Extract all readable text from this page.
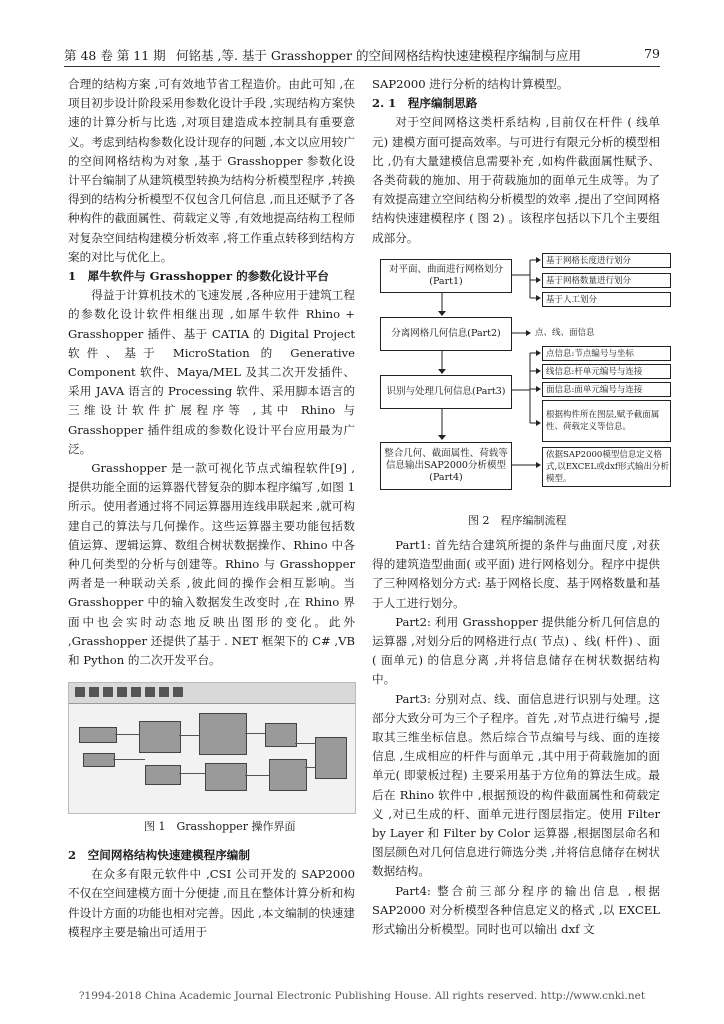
第 48 卷 第 11 期 何铭基 ,等. 基于 Grasshopper 的空间网格结构快速建模程序编制与应用	79

合理的结构方案 ,可有效地节省工程造价。由此可知 ,在项目初步设计阶段采用参数化设计手段 ,实现结构方案快速的计算分析与比选 ,对项目建造成本控制具有重要意义。考虑到结构参数化设计现存的问题 ,本文以应用较广的空间网格结构为对象 ,基于 Grasshopper 参数化设计平台编制了从建筑模型转换为结构分析模型程序 ,转换得到的结构分析模型不仅包含几何信息 ,而且还赋予了各种构件的截面属性、荷载定义等 ,有效地提高结构工程师对复杂空间结构建模分析效率 ,将工作重点转移到结构方案的对比与优化上。

1　犀牛软件与 Grasshopper 的参数化设计平台

得益于计算机技术的飞速发展 ,各种应用于建筑工程的参数化设计软件相继出现 ,如犀牛软件 Rhino + Grasshopper 插件、基于 CATIA 的 Digital Project 软件、基于 MicroStation 的 Generative Component 软件、Maya/MEL 及其二次开发插件、采用 JAVA 语言的 Processing 软件、采用脚本语言的三维设计软件扩展程序等 ,其中 Rhino 与 Grasshopper 插件组成的参数化设计平台应用最为广泛。

Grasshopper 是一款可视化节点式编程软件[9] ,提供功能全面的运算器代替复杂的脚本程序编写 ,如图 1 所示。使用者通过将不同运算器用连线串联起来 ,就可构建自己的算法与几何操作。这些运算器主要功能包括数值运算、逻辑运算、数组合树状数据操作、Rhino 中各种几何类型的分析与创建等。Rhino 与 Grasshopper 两者是一种联动关系 ,彼此间的操作会相互影响。当 Grasshopper 中的输入数据发生改变时 ,在 Rhino 界面中也会实时动态地反映出图形的变化。此外 ,Grasshopper 还提供了基于 . NET 框架下的 C# ,VB 和 Python 的二次开发平台。

图 1　Grasshopper 操作界面

2　空间网格结构快速建模程序编制

在众多有限元软件中 ,CSI 公司开发的 SAP2000 不仅在空间建模方面十分便捷 ,而且在整体计算分析和构件设计方面的功能也相对完善。因此 ,本文编制的快速建模程序主要是输出可适用于

SAP2000 进行分析的结构计算模型。

2. 1　程序编制思路

对于空间网格这类杆系结构 ,目前仅在杆件 ( 线单元) 建模方面可提高效率。与可进行有限元分析的模型相比 ,仍有大量建模信息需要补充 ,如构件截面属性赋予、各类荷载的施加、用于荷载施加的面单元生成等。为了有效提高建立空间结构分析模型的效率 ,提出了空间网格结构快速建模程序 ( 图 2) 。该程序包括以下几个主要组成部分。

对平面、曲面进行网格划分(Part1)
基于网格长度进行划分
基于网格数量进行划分
基于人工划分
分离网格几何信息(Part2)	点、线、面信息
识别与处理几何信息(Part3)
点信息:节点编号与坐标
线信息:杆单元编号与连接
面信息:面单元编号与连接
根据构件所在图层,赋予截面属性、荷载定义等信息。
整合几何、截面属性、荷载等信息输出SAP2000分析模型(Part4)
依据SAP2000模型信息定义格式,以EXCEL或dxf形式输出分析模型。
图 2　程序编制流程

Part1: 首先结合建筑所提的条件与曲面尺度 ,对获得的建筑造型曲面( 或平面) 进行网格划分。程序中提供了三种网格划分方式: 基于网格长度、基于网格数量和基于人工进行划分。

Part2: 利用 Grasshopper 提供能分析几何信息的运算器 ,对划分后的网格进行点( 节点) 、线( 杆件) 、面( 面单元) 的信息分离 ,并将信息储存在树状数据结构中。

Part3: 分别对点、线、面信息进行识别与处理。这部分大致分可为三个子程序。首先 ,对节点进行编号 ,提取其三维坐标信息。然后综合节点编号与线、面的连接信息 ,生成相应的杆件与面单元 ,其中用于荷载施加的面单元( 即蒙板过程) 主要采用基于方位角的算法生成。最后在 Rhino 软件中 ,根据预设的构件截面属性和荷载定义 ,对已生成的杆、面单元进行图层指定。使用 Filter by Layer 和 Filter by Color 运算器 ,根据图层命名和图层颜色对几何信息进行筛选分类 ,并将信息储存在树状数据结构。

Part4: 整合前三部分程序的输出信息 ,根据 SAP2000 对分析模型各种信息定义的格式 ,以 EXCEL 形式输出分析模型。同时也可以输出 dxf 文

?1994-2018 China Academic Journal Electronic Publishing House. All rights reserved. http://www.cnki.net
